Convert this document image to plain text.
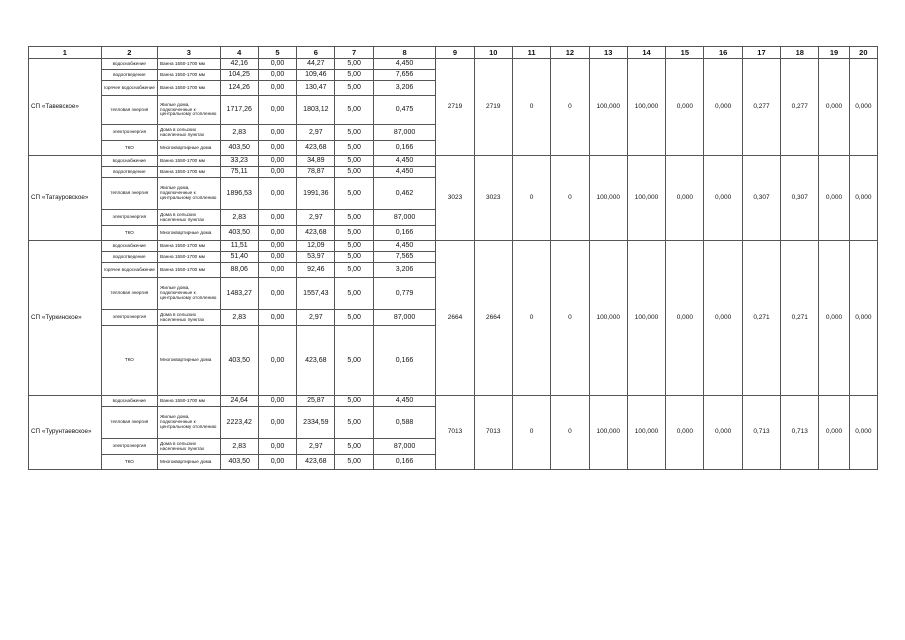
1	2	3	4	5	6	7	8	9	10	11	12	13	14	15	16	17	18	19	20
СП «Тавевское»	водоснабжение	Ванна 1550-1700 мм	42,16	0,00	44,27	5,00	4,450	2719	2719	0	0	100,000	100,000	0,000	0,000	0,277	0,277	0,000	0,000
	водоотведение	Ванна 1550-1700 мм	104,25	0,00	109,46	5,00	7,656												
	горячее водоснабжение	Ванна 1550-1700 мм	124,26	0,00	130,47	5,00	3,206												
	тепловая энергия	Жилые дома, подключенные к центральному отоплению	1717,26	0,00	1803,12	5,00	0,475												
	электроэнергия	Дома в сельских населенных пунктах	2,83	0,00	2,97	5,00	87,000												
	ТКО	Многоквартирные дома	403,50	0,00	423,68	5,00	0,166												
СП «Татауровское»	водоснабжение	Ванна 1550-1700 мм	33,23	0,00	34,89	5,00	4,450	3023	3023	0	0	100,000	100,000	0,000	0,000	0,307	0,307	0,000	0,000
	водоотведение	Ванна 1550-1700 мм	75,11	0,00	78,87	5,00	4,450												
	тепловая энергия	Жилые дома, подключенные к центральному отоплению	1896,53	0,00	1991,36	5,00	0,462												
	электроэнергия	Дома в сельских населенных пунктах	2,83	0,00	2,97	5,00	87,000												
	ТКО	Многоквартирные дома	403,50	0,00	423,68	5,00	0,166												
СП «Туркинское»	водоснабжение	Ванна 1550-1700 мм	11,51	0,00	12,09	5,00	4,450	2664	2664	0	0	100,000	100,000	0,000	0,000	0,271	0,271	0,000	0,000
	водоотведение	Ванна 1550-1700 мм	51,40	0,00	53,97	5,00	7,565												
	горячее водоснабжение	Ванна 1550-1700 мм	88,06	0,00	92,46	5,00	3,206												
	тепловая энергия	Жилые дома, подключенные к центральному отоплению	1483,27	0,00	1557,43	5,00	0,779												
	электроэнергия	Дома в сельских населенных пунктах	2,83	0,00	2,97	5,00	87,000												
	ТКО	Многоквартирные дома	403,50	0,00	423,68	5,00	0,166												
СП «Турунтаевское»	водоснабжение	Ванна 1550-1700 мм	24,64	0,00	25,87	5,00	4,450	7013	7013	0	0	100,000	100,000	0,000	0,000	0,713	0,713	0,000	0,000
	тепловая энергия	Жилые дома, подключенные к центральному отоплению	2223,42	0,00	2334,59	5,00	0,588												
	электроэнергия	Дома в сельских населенных пунктах	2,83	0,00	2,97	5,00	87,000												
	ТКО	Многоквартирные дома	403,50	0,00	423,68	5,00	0,166												
